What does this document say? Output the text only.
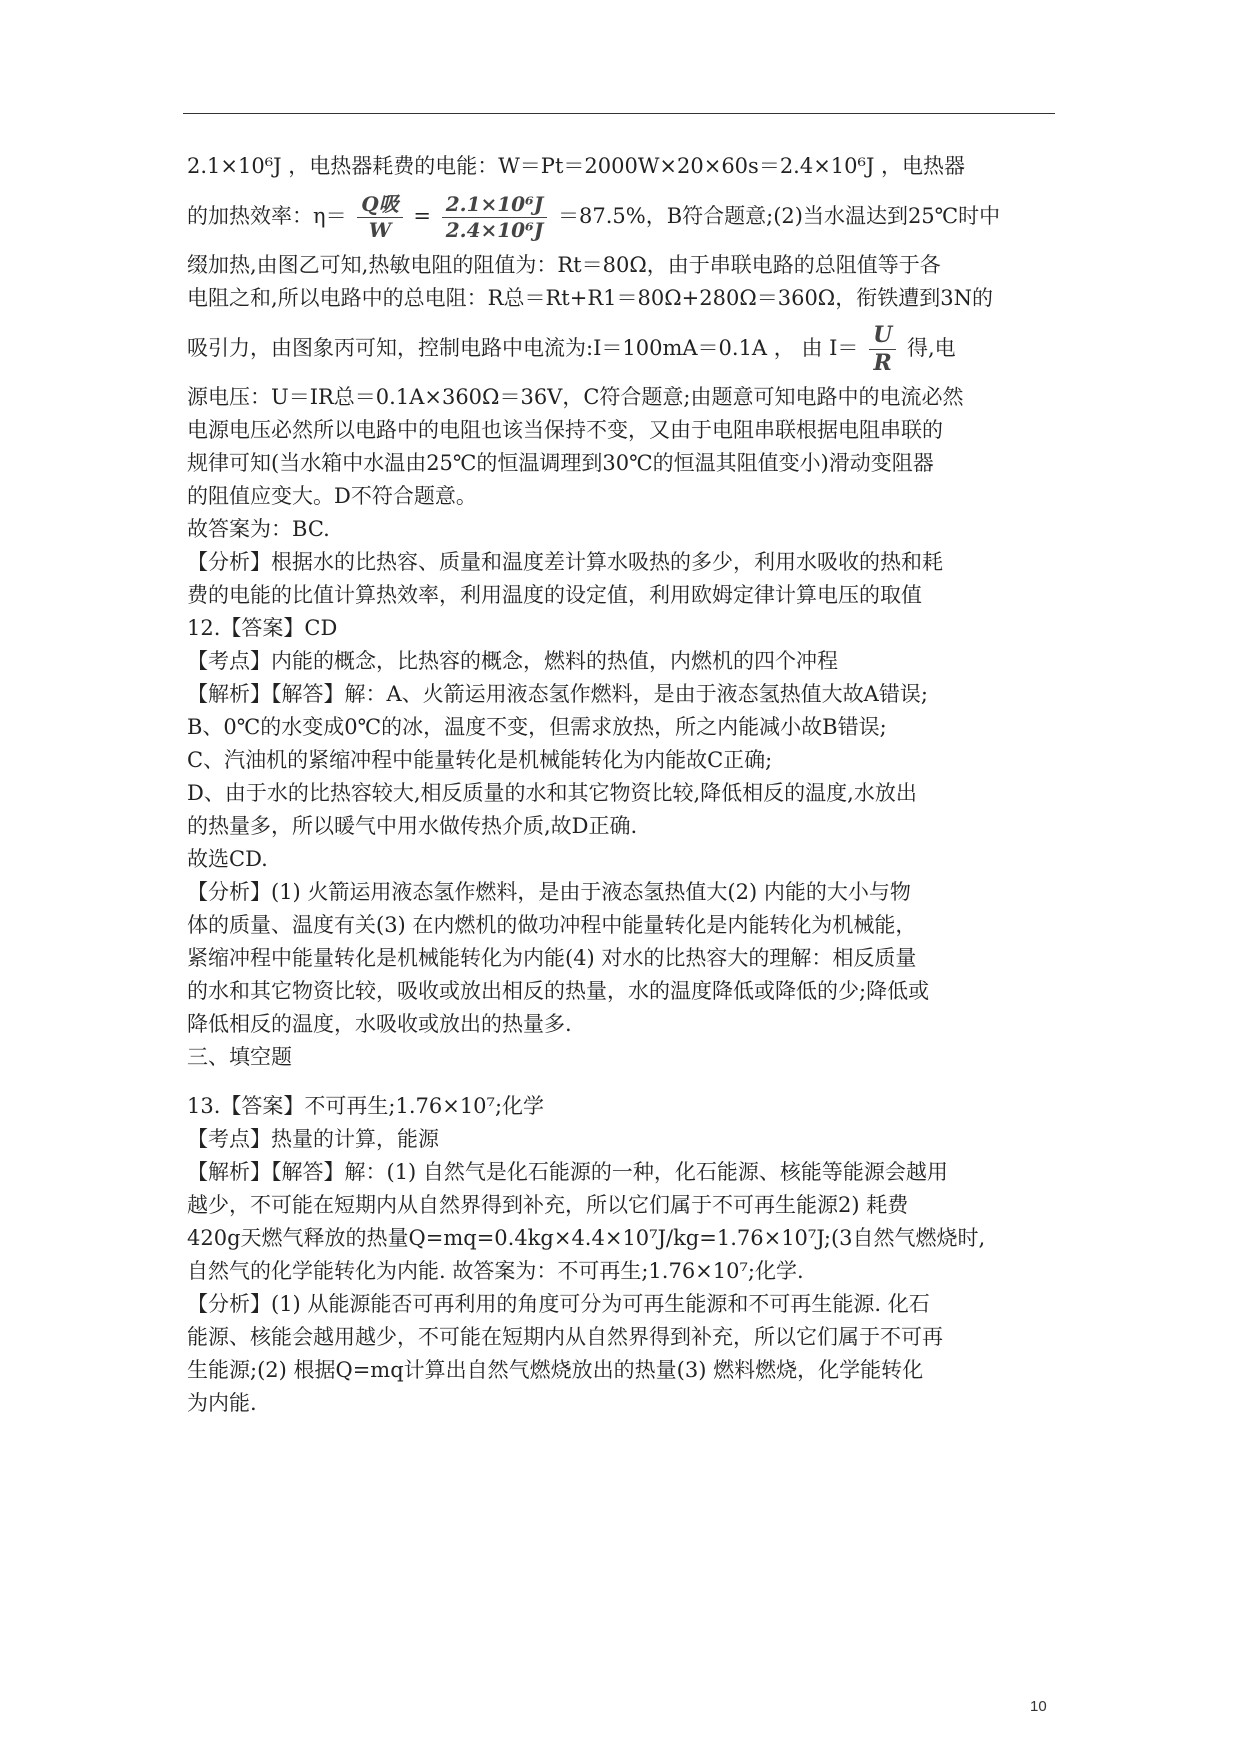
2.1×10⁶J ，电热器耗费的电能：W＝Pt＝2000W×20×60s＝2.4×10⁶J ，电热器
的加热效率：$\eta= \frac{\text{Q吸}}{W} = \frac{\text{2.1×10⁶J}}{\text{2.4×10⁶J}} =87.5\%$，B符合题意;(2)当水温达到25℃时中
缀加热,由图乙可知,热敏电阻的阻值为：Rt＝80Ω，由于串联电路的总阻值等于各
电阻之和,所以电路中的总电阻：R总＝Rt+R1＝80Ω+280Ω＝360Ω，衔铁遭到3N的
吸引力，由图象丙可知，控制电路中电流为:I＝100mA＝0.1A ， 由 $I= \frac{U}{R}$ 得,电
源电压：U＝IR总＝0.1A×360Ω＝36V，C符合题意;由题意可知电路中的电流必然
电源电压必然所以电路中的电阻也该当保持不变，又由于电阻串联根据电阻串联的
规律可知(当水箱中水温由25℃的恒温调理到30℃的恒温其阻值变小)滑动变阻器
的阻值应变大。D不符合题意。
故答案为：BC.
【分析】根据水的比热容、质量和温度差计算水吸热的多少，利用水吸收的热和耗
费的电能的比值计算热效率，利用温度的设定值，利用欧姆定律计算电压的取值
12.【答案】CD
【考点】内能的概念，比热容的概念，燃料的热值，内燃机的四个冲程
【解析】【解答】解：A、火箭运用液态氢作燃料，是由于液态氢热值大故A错误;
B、0℃的水变成0℃的冰，温度不变，但需求放热，所之内能减小故B错误;
C、汽油机的紧缩冲程中能量转化是机械能转化为内能故C正确;
D、由于水的比热容较大,相反质量的水和其它物资比较,降低相反的温度,水放出
的热量多，所以暖气中用水做传热介质,故D正确.
故选CD.
【分析】(1) 火箭运用液态氢作燃料，是由于液态氢热值大(2) 内能的大小与物
体的质量、温度有关(3) 在内燃机的做功冲程中能量转化是内能转化为机械能，
紧缩冲程中能量转化是机械能转化为内能(4) 对水的比热容大的理解：相反质量
的水和其它物资比较，吸收或放出相反的热量，水的温度降低或降低的少;降低或
降低相反的温度，水吸收或放出的热量多.
三、填空题
13.【答案】不可再生;1.76×10⁷;化学
【考点】热量的计算，能源
【解析】【解答】解：(1) 自然气是化石能源的一种，化石能源、核能等能源会越用
越少，不可能在短期内从自然界得到补充，所以它们属于不可再生能源2) 耗费
420g天燃气释放的热量Q=mq=0.4kg×4.4×10⁷J/kg=1.76×10⁷J;(3自然气燃烧时,
自然气的化学能转化为内能. 故答案为：不可再生;1.76×10⁷;化学.
【分析】(1) 从能源能否可再利用的角度可分为可再生能源和不可再生能源. 化石
能源、核能会越用越少，不可能在短期内从自然界得到补充，所以它们属于不可再
生能源;(2) 根据Q=mq计算出自然气燃烧放出的热量(3) 燃料燃烧，化学能转化
为内能.
10
